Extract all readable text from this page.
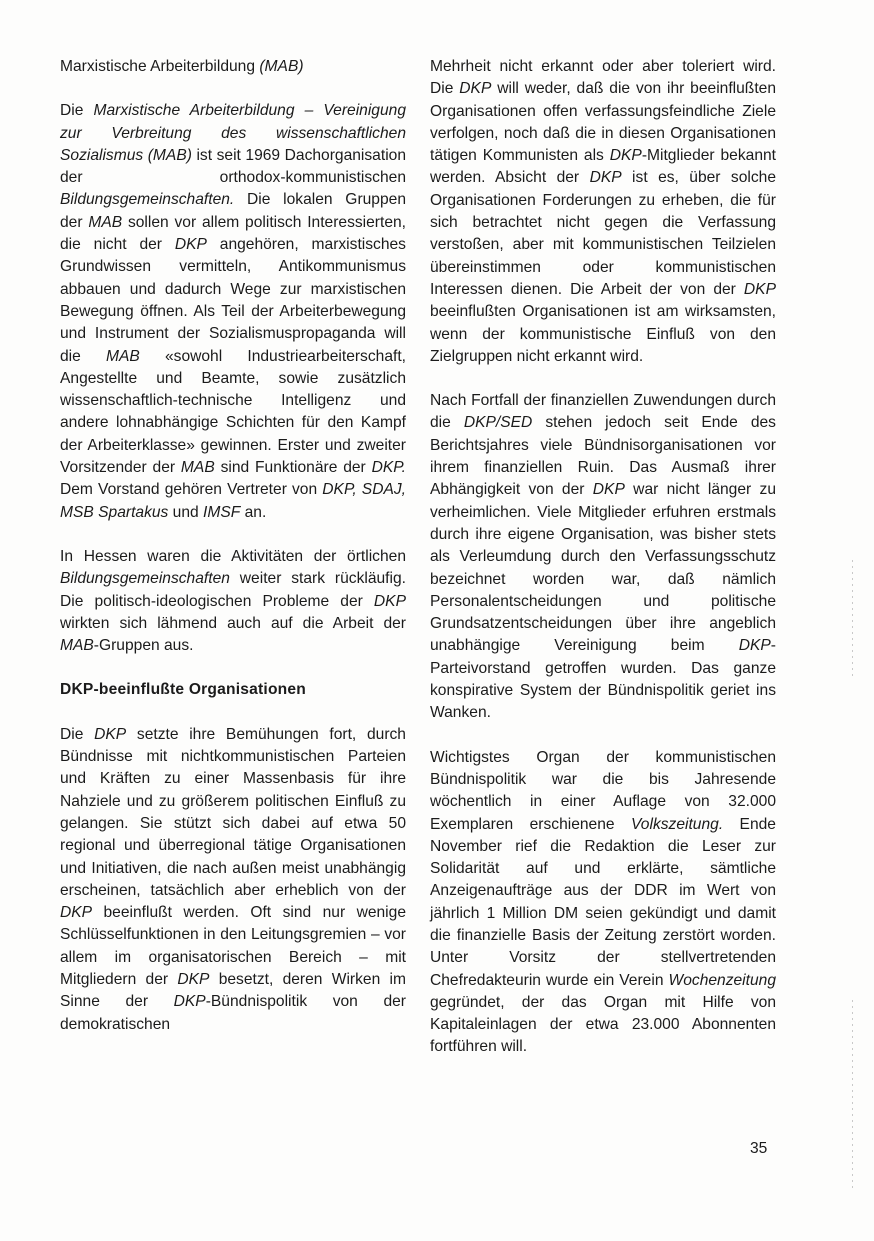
Marxistische Arbeiterbildung (MAB)

Die Marxistische Arbeiterbildung – Vereinigung zur Verbreitung des wissenschaftlichen Sozialismus (MAB) ist seit 1969 Dachorganisation der orthodox-kommunistischen Bildungsgemeinschaften. Die lokalen Gruppen der MAB sollen vor allem politisch Interessierten, die nicht der DKP angehören, marxistisches Grundwissen vermitteln, Antikommunismus abbauen und dadurch Wege zur marxistischen Bewegung öffnen. Als Teil der Arbeiterbewegung und Instrument der Sozialismuspropaganda will die MAB «sowohl Industriearbeiterschaft, Angestellte und Beamte, sowie zusätzlich wissenschaftlich-technische Intelligenz und andere lohnabhängige Schichten für den Kampf der Arbeiterklasse» gewinnen. Erster und zweiter Vorsitzender der MAB sind Funktionäre der DKP. Dem Vorstand gehören Vertreter von DKP, SDAJ, MSB Spartakus und IMSF an.

In Hessen waren die Aktivitäten der örtlichen Bildungsgemeinschaften weiter stark rückläufig. Die politisch-ideologischen Probleme der DKP wirkten sich lähmend auch auf die Arbeit der MAB-Gruppen aus.

DKP-beeinflußte Organisationen

Die DKP setzte ihre Bemühungen fort, durch Bündnisse mit nichtkommunistischen Parteien und Kräften zu einer Massenbasis für ihre Nahziele und zu größerem politischen Einfluß zu gelangen. Sie stützt sich dabei auf etwa 50 regional und überregional tätige Organisationen und Initiativen, die nach außen meist unabhängig erscheinen, tatsächlich aber erheblich von der DKP beeinflußt werden. Oft sind nur wenige Schlüsselfunktionen in den Leitungsgremien – vor allem im organisatorischen Bereich – mit Mitgliedern der DKP besetzt, deren Wirken im Sinne der DKP-Bündnispolitik von der demokratischen

Mehrheit nicht erkannt oder aber toleriert wird. Die DKP will weder, daß die von ihr beeinflußten Organisationen offen verfassungsfeindliche Ziele verfolgen, noch daß die in diesen Organisationen tätigen Kommunisten als DKP-Mitglieder bekannt werden. Absicht der DKP ist es, über solche Organisationen Forderungen zu erheben, die für sich betrachtet nicht gegen die Verfassung verstoßen, aber mit kommunistischen Teilzielen übereinstimmen oder kommunistischen Interessen dienen. Die Arbeit der von der DKP beeinflußten Organisationen ist am wirksamsten, wenn der kommunistische Einfluß von den Zielgruppen nicht erkannt wird.

Nach Fortfall der finanziellen Zuwendungen durch die DKP/SED stehen jedoch seit Ende des Berichtsjahres viele Bündnisorganisationen vor ihrem finanziellen Ruin. Das Ausmaß ihrer Abhängigkeit von der DKP war nicht länger zu verheimlichen. Viele Mitglieder erfuhren erstmals durch ihre eigene Organisation, was bisher stets als Verleumdung durch den Verfassungsschutz bezeichnet worden war, daß nämlich Personalentscheidungen und politische Grundsatzentscheidungen über ihre angeblich unabhängige Vereinigung beim DKP-Parteivorstand getroffen wurden. Das ganze konspirative System der Bündnispolitik geriet ins Wanken.

Wichtigstes Organ der kommunistischen Bündnispolitik war die bis Jahresende wöchentlich in einer Auflage von 32.000 Exemplaren erschienene Volkszeitung. Ende November rief die Redaktion die Leser zur Solidarität auf und erklärte, sämtliche Anzeigenaufträge aus der DDR im Wert von jährlich 1 Million DM seien gekündigt und damit die finanzielle Basis der Zeitung zerstört worden. Unter Vorsitz der stellvertretenden Chefredakteurin wurde ein Verein Wochenzeitung gegründet, der das Organ mit Hilfe von Kapitaleinlagen der etwa 23.000 Abonnenten fortführen will.

35
